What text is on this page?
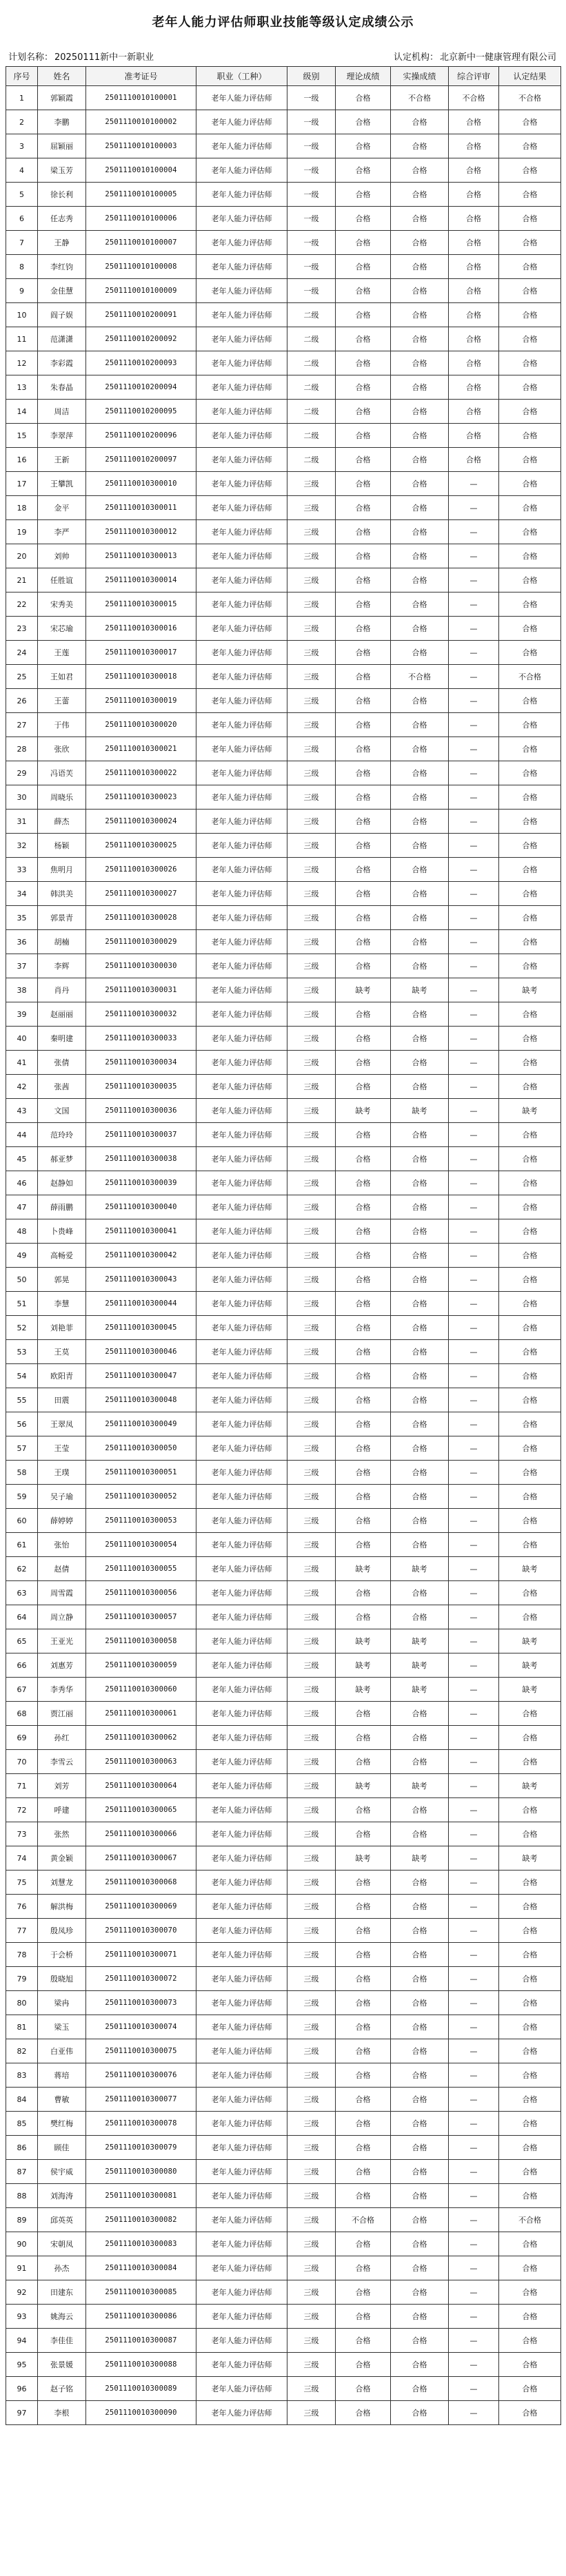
老年人能力评估师职业技能等级认定成绩公示
计划名称： 20250111新中一新职业	认定机构： 北京新中一健康管理有限公司
序号	姓名	准考证号	职业（工种）	级别	理论成绩	实操成绩	综合评审	认定结果
1	郭颖霞	2501110010100001	老年人能力评估师	一级	合格	不合格	不合格	不合格
2	李鹏	2501110010100002	老年人能力评估师	一级	合格	合格	合格	合格
3	屈颖丽	2501110010100003	老年人能力评估师	一级	合格	合格	合格	合格
4	梁玉芳	2501110010100004	老年人能力评估师	一级	合格	合格	合格	合格
5	徐长利	2501110010100005	老年人能力评估师	一级	合格	合格	合格	合格
6	任志秀	2501110010100006	老年人能力评估师	一级	合格	合格	合格	合格
7	王静	2501110010100007	老年人能力评估师	一级	合格	合格	合格	合格
8	李红钧	2501110010100008	老年人能力评估师	一级	合格	合格	合格	合格
9	金佳慧	2501110010100009	老年人能力评估师	一级	合格	合格	合格	合格
10	阎子娱	2501110010200091	老年人能力评估师	二级	合格	合格	合格	合格
11	范潇潇	2501110010200092	老年人能力评估师	二级	合格	合格	合格	合格
12	李彩霞	2501110010200093	老年人能力评估师	二级	合格	合格	合格	合格
13	朱春晶	2501110010200094	老年人能力评估师	二级	合格	合格	合格	合格
14	周洁	2501110010200095	老年人能力评估师	二级	合格	合格	合格	合格
15	李翠萍	2501110010200096	老年人能力评估师	二级	合格	合格	合格	合格
16	王新	2501110010200097	老年人能力评估师	二级	合格	合格	合格	合格
17	王攀凯	2501110010300010	老年人能力评估师	三级	合格	合格	—	合格
18	金平	2501110010300011	老年人能力评估师	三级	合格	合格	—	合格
19	李严	2501110010300012	老年人能力评估师	三级	合格	合格	—	合格
20	刘帅	2501110010300013	老年人能力评估师	三级	合格	合格	—	合格
21	任胜谊	2501110010300014	老年人能力评估师	三级	合格	合格	—	合格
22	宋秀美	2501110010300015	老年人能力评估师	三级	合格	合格	—	合格
23	宋芯瑜	2501110010300016	老年人能力评估师	三级	合格	合格	—	合格
24	王莲	2501110010300017	老年人能力评估师	三级	合格	合格	—	合格
25	王如君	2501110010300018	老年人能力评估师	三级	合格	不合格	—	不合格
26	王蕾	2501110010300019	老年人能力评估师	三级	合格	合格	—	合格
27	于伟	2501110010300020	老年人能力评估师	三级	合格	合格	—	合格
28	张欣	2501110010300021	老年人能力评估师	三级	合格	合格	—	合格
29	冯语芙	2501110010300022	老年人能力评估师	三级	合格	合格	—	合格
30	周晓乐	2501110010300023	老年人能力评估师	三级	合格	合格	—	合格
31	薛杰	2501110010300024	老年人能力评估师	三级	合格	合格	—	合格
32	杨颖	2501110010300025	老年人能力评估师	三级	合格	合格	—	合格
33	焦明月	2501110010300026	老年人能力评估师	三级	合格	合格	—	合格
34	韩洪美	2501110010300027	老年人能力评估师	三级	合格	合格	—	合格
35	郭景青	2501110010300028	老年人能力评估师	三级	合格	合格	—	合格
36	胡楠	2501110010300029	老年人能力评估师	三级	合格	合格	—	合格
37	李辉	2501110010300030	老年人能力评估师	三级	合格	合格	—	合格
38	肖丹	2501110010300031	老年人能力评估师	三级	缺考	缺考	—	缺考
39	赵丽丽	2501110010300032	老年人能力评估师	三级	合格	合格	—	合格
40	秦明建	2501110010300033	老年人能力评估师	三级	合格	合格	—	合格
41	张倩	2501110010300034	老年人能力评估师	三级	合格	合格	—	合格
42	张茜	2501110010300035	老年人能力评估师	三级	合格	合格	—	合格
43	文国	2501110010300036	老年人能力评估师	三级	缺考	缺考	—	缺考
44	范玲玲	2501110010300037	老年人能力评估师	三级	合格	合格	—	合格
45	郝亚梦	2501110010300038	老年人能力评估师	三级	合格	合格	—	合格
46	赵静如	2501110010300039	老年人能力评估师	三级	合格	合格	—	合格
47	薛雨鹏	2501110010300040	老年人能力评估师	三级	合格	合格	—	合格
48	卜贵峰	2501110010300041	老年人能力评估师	三级	合格	合格	—	合格
49	高畅爱	2501110010300042	老年人能力评估师	三级	合格	合格	—	合格
50	郭晃	2501110010300043	老年人能力评估师	三级	合格	合格	—	合格
51	李慧	2501110010300044	老年人能力评估师	三级	合格	合格	—	合格
52	刘艳菲	2501110010300045	老年人能力评估师	三级	合格	合格	—	合格
53	王莫	2501110010300046	老年人能力评估师	三级	合格	合格	—	合格
54	欧阳青	2501110010300047	老年人能力评估师	三级	合格	合格	—	合格
55	田震	2501110010300048	老年人能力评估师	三级	合格	合格	—	合格
56	王翠凤	2501110010300049	老年人能力评估师	三级	合格	合格	—	合格
57	王莹	2501110010300050	老年人能力评估师	三级	合格	合格	—	合格
58	王璞	2501110010300051	老年人能力评估师	三级	合格	合格	—	合格
59	吴子瑜	2501110010300052	老年人能力评估师	三级	合格	合格	—	合格
60	薛婷婷	2501110010300053	老年人能力评估师	三级	合格	合格	—	合格
61	张怡	2501110010300054	老年人能力评估师	三级	合格	合格	—	合格
62	赵倩	2501110010300055	老年人能力评估师	三级	缺考	缺考	—	缺考
63	周雪霞	2501110010300056	老年人能力评估师	三级	合格	合格	—	合格
64	周立静	2501110010300057	老年人能力评估师	三级	合格	合格	—	合格
65	王亚光	2501110010300058	老年人能力评估师	三级	缺考	缺考	—	缺考
66	刘惠芳	2501110010300059	老年人能力评估师	三级	缺考	缺考	—	缺考
67	李秀华	2501110010300060	老年人能力评估师	三级	缺考	缺考	—	缺考
68	贾江丽	2501110010300061	老年人能力评估师	三级	合格	合格	—	合格
69	孙红	2501110010300062	老年人能力评估师	三级	合格	合格	—	合格
70	李雪云	2501110010300063	老年人能力评估师	三级	合格	合格	—	合格
71	刘芳	2501110010300064	老年人能力评估师	三级	缺考	缺考	—	缺考
72	呼建	2501110010300065	老年人能力评估师	三级	合格	合格	—	合格
73	张然	2501110010300066	老年人能力评估师	三级	合格	合格	—	合格
74	黄金颖	2501110010300067	老年人能力评估师	三级	缺考	缺考	—	缺考
75	刘慧龙	2501110010300068	老年人能力评估师	三级	合格	合格	—	合格
76	解洪梅	2501110010300069	老年人能力评估师	三级	合格	合格	—	合格
77	殷凤珍	2501110010300070	老年人能力评估师	三级	合格	合格	—	合格
78	于会桥	2501110010300071	老年人能力评估师	三级	合格	合格	—	合格
79	殷晓旭	2501110010300072	老年人能力评估师	三级	合格	合格	—	合格
80	梁冉	2501110010300073	老年人能力评估师	三级	合格	合格	—	合格
81	梁玉	2501110010300074	老年人能力评估师	三级	合格	合格	—	合格
82	白亚伟	2501110010300075	老年人能力评估师	三级	合格	合格	—	合格
83	蒋培	2501110010300076	老年人能力评估师	三级	合格	合格	—	合格
84	曹敏	2501110010300077	老年人能力评估师	三级	合格	合格	—	合格
85	樊红梅	2501110010300078	老年人能力评估师	三级	合格	合格	—	合格
86	顾佳	2501110010300079	老年人能力评估师	三级	合格	合格	—	合格
87	侯宇威	2501110010300080	老年人能力评估师	三级	合格	合格	—	合格
88	刘海涛	2501110010300081	老年人能力评估师	三级	合格	合格	—	合格
89	邱英英	2501110010300082	老年人能力评估师	三级	不合格	合格	—	不合格
90	宋朝凤	2501110010300083	老年人能力评估师	三级	合格	合格	—	合格
91	孙杰	2501110010300084	老年人能力评估师	三级	合格	合格	—	合格
92	田建东	2501110010300085	老年人能力评估师	三级	合格	合格	—	合格
93	姚海云	2501110010300086	老年人能力评估师	三级	合格	合格	—	合格
94	李佳佳	2501110010300087	老年人能力评估师	三级	合格	合格	—	合格
95	张景媛	2501110010300088	老年人能力评估师	三级	合格	合格	—	合格
96	赵子铭	2501110010300089	老年人能力评估师	三级	合格	合格	—	合格
97	李根	2501110010300090	老年人能力评估师	三级	合格	合格	—	合格
